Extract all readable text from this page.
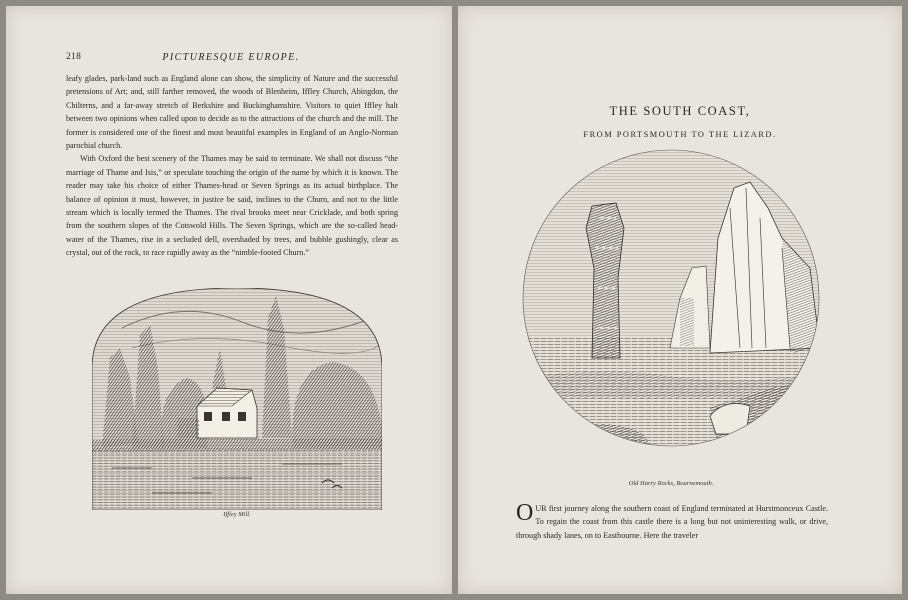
218	PICTURESQUE EUROPE.

leafy glades, park-land such as England alone can show, the simplicity of Nature and the successful pretensions of Art; and, still farther removed, the woods of Blenheim, Iffley Church, Abingdon, the Chilterns, and a far-away stretch of Berkshire and Buckinghamshire. Visitors to quiet Iffley halt between two opinions when called upon to decide as to the attractions of the church and the mill. The former is considered one of the finest and most beautiful examples in England of an Anglo-Norman parochial church.

With Oxford the best scenery of the Thames may be said to terminate. We shall not discuss “the marriage of Thame and Isis,” or speculate touching the origin of the name by which it is known. The reader may take his choice of either Thames-head or Seven Springs as its actual birthplace. The balance of opinion it must, however, in justice be said, inclines to the Churn, and not to the little stream which is locally termed the Thames. The rival brooks meet near Cricklade, and both spring from the southern slopes of the Cotswold Hills. The Seven Springs, which are the so-called head-water of the Thames, rise in a secluded dell, overshaded by trees, and bubble gushingly, clear as crystal, out of the rock, to race rapidly away as the “nimble-footed Churn.”

Iffley Mill.
THE SOUTH COAST,
FROM PORTSMOUTH TO THE LIZARD.
Old Harry Rocks, Bournemouth.
O UR first journey along the southern coast of England terminated at Hurstmonceux Castle. To regain the coast from this castle there is a long but not uninteresting walk, or drive, through shady lanes, on to Eastbourne. Here the traveler
